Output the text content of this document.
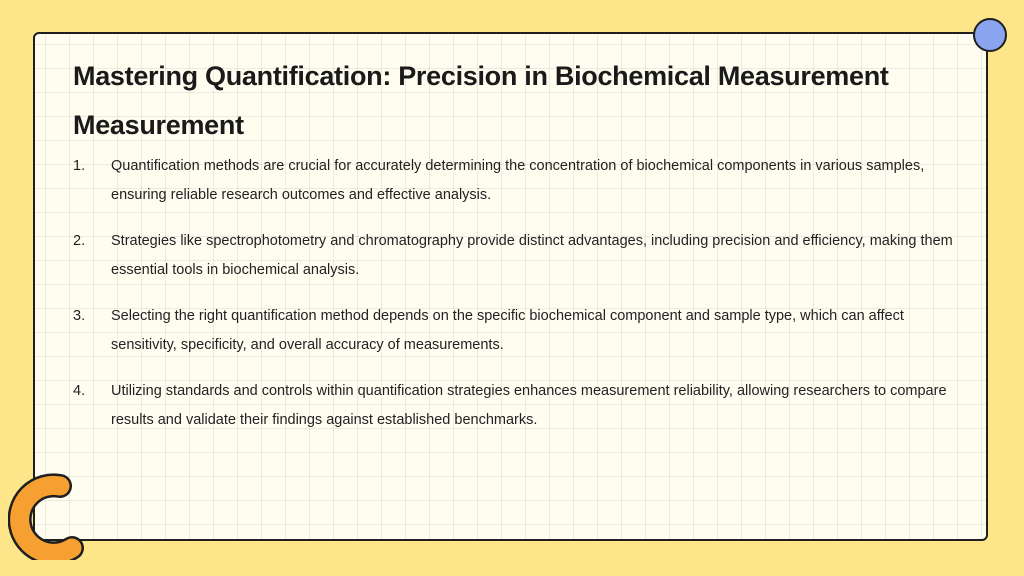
Mastering Quantification: Precision in Biochemical Measurement
Measurement
1.	Quantification methods are crucial for accurately determining the concentration of biochemical components in various samples, ensuring reliable research outcomes and effective analysis.
2.	Strategies like spectrophotometry and chromatography provide distinct advantages, including precision and efficiency, making them essential tools in biochemical analysis.
3.	Selecting the right quantification method depends on the specific biochemical component and sample type, which can affect sensitivity, specificity, and overall accuracy of measurements.
4.	Utilizing standards and controls within quantification strategies enhances measurement reliability, allowing researchers to compare results and validate their findings against established benchmarks.
